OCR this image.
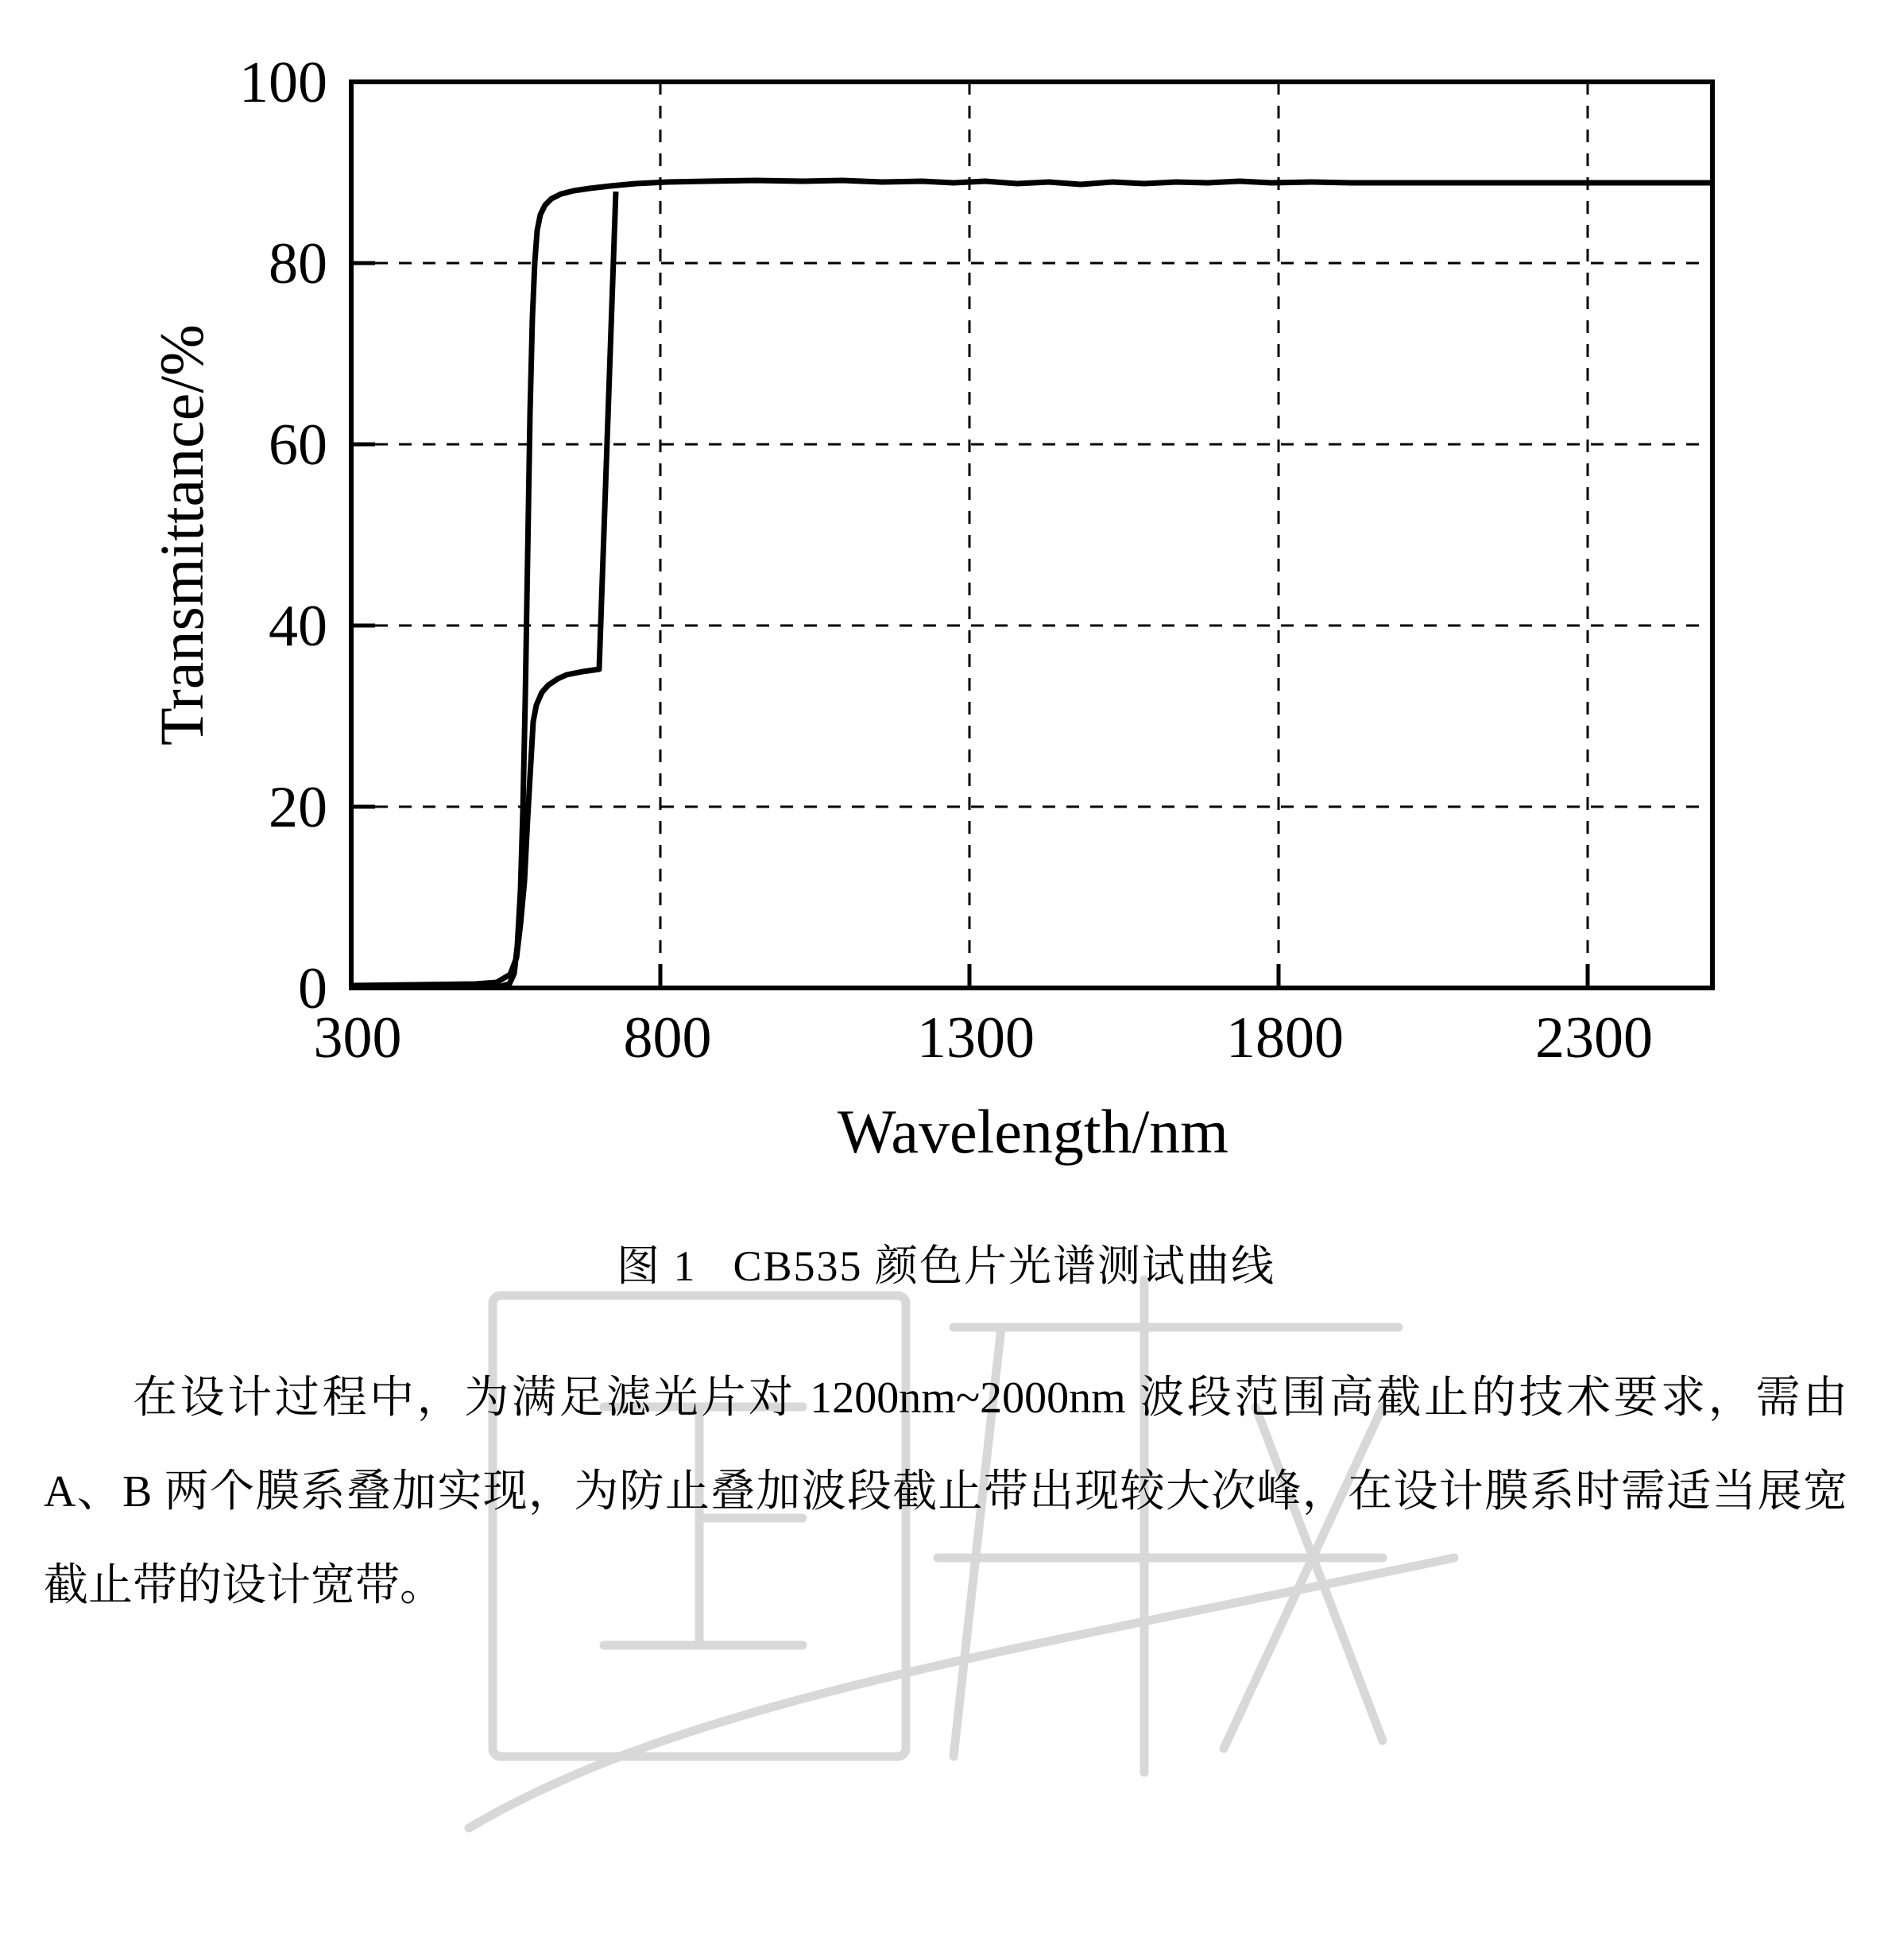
0
20
40
60
80
100
300	800	1300	1800	2300
Wavelength/nm
Transmittance/%
图 1 CB535 颜色片光谱测试曲线

在设计过程中，为满足滤光片对 1200nm~2000nm 波段范围高截止的技术要求，需由 A、B 两个膜系叠加实现，为防止叠加波段截止带出现较大次峰，在设计膜系时需适当展宽截止带的设计宽带。
